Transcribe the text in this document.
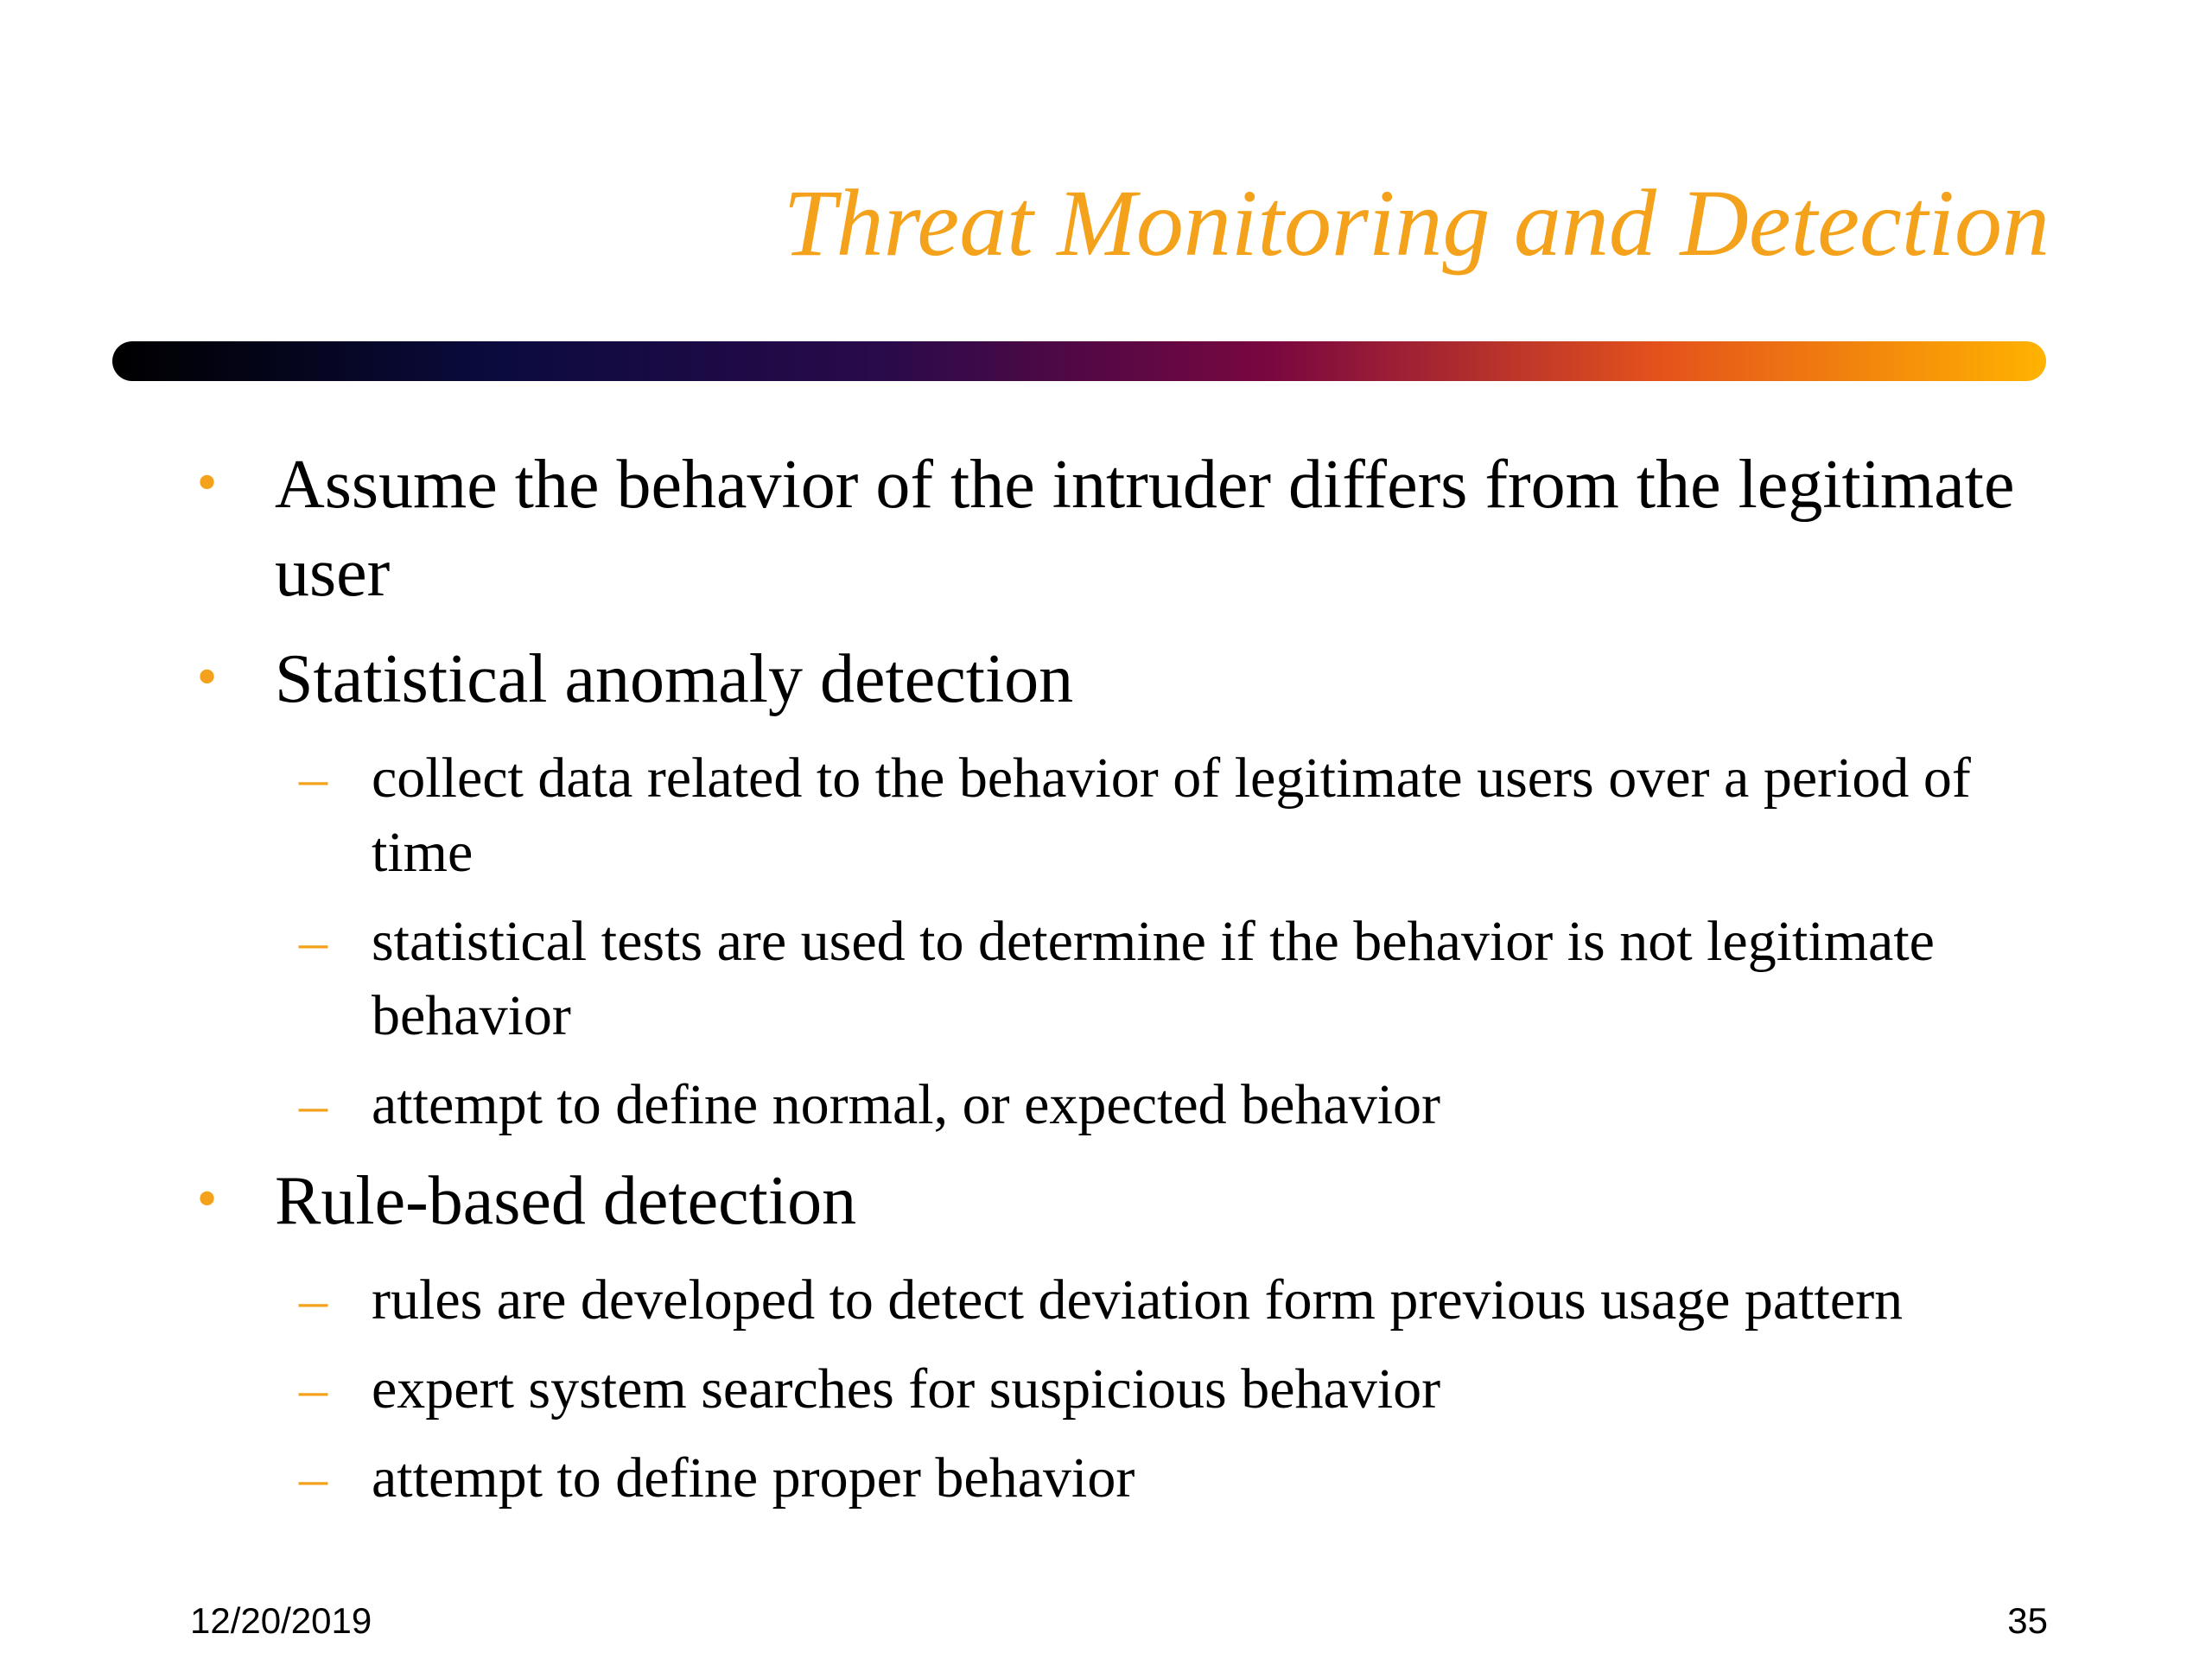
Threat Monitoring and Detection
• Assume the behavior of the intruder differs from the legitimate user
• Statistical anomaly detection
– collect data related to the behavior of legitimate users over a period of time
– statistical tests are used to determine if the behavior is not legitimate behavior
– attempt to define normal, or expected behavior
• Rule-based detection
– rules are developed to detect deviation form previous usage pattern
– expert system searches for suspicious behavior
– attempt to define proper behavior
12/20/2019	35
